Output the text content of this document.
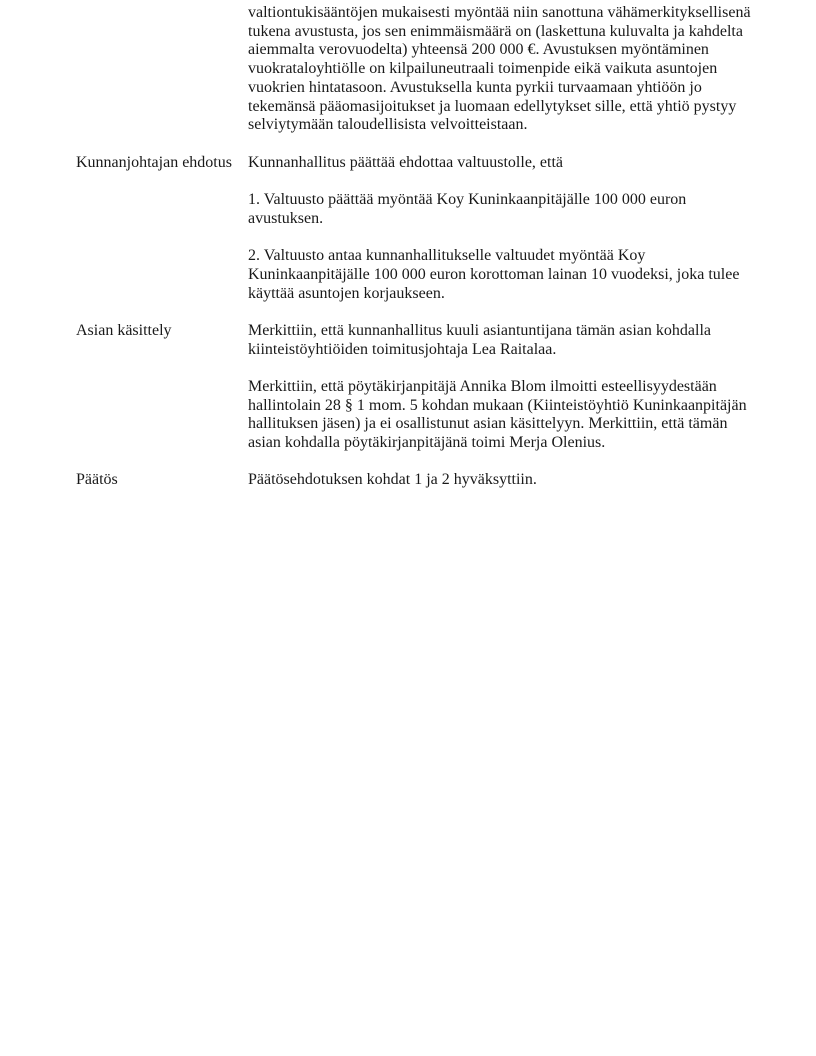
valtiontukisääntöjen mukaisesti myöntää niin sanottuna vähämerkityksellisenä tukena avustusta, jos sen enimmäismäärä on (laskettuna kuluvalta ja kahdelta aiemmalta verovuodelta) yhteensä 200 000 €. Avustuksen myöntäminen vuokrataloyhtiölle on kilpailuneutraali toimenpide eikä vaikuta asuntojen vuokrien hintatasoon. Avustuksella kunta pyrkii turvaamaan yhtiöön jo tekemänsä pääomasijoitukset ja luomaan edellytykset sille, että yhtiö pystyy selviytymään taloudellisista velvoitteistaan.

Kunnanjohtajan ehdotus	Kunnanhallitus päättää ehdottaa valtuustolle, että

1. Valtuusto päättää myöntää Koy Kuninkaanpitäjälle 100 000 euron avustuksen.

2. Valtuusto antaa kunnanhallitukselle valtuudet myöntää Koy Kuninkaanpitäjälle 100 000 euron korottoman lainan 10 vuodeksi, joka tulee käyttää asuntojen korjaukseen.

Asian käsittely	Merkittiin, että kunnanhallitus kuuli asiantuntijana tämän asian kohdalla kiinteistöyhtiöiden toimitusjohtaja Lea Raitalaa.

Merkittiin, että pöytäkirjanpitäjä Annika Blom ilmoitti esteellisyydestään hallintolain 28 § 1 mom. 5 kohdan mukaan (Kiinteistöyhtiö Kuninkaanpitäjän hallituksen jäsen) ja ei osallistunut asian käsittelyyn. Merkittiin, että tämän asian kohdalla pöytäkirjanpitäjänä toimi Merja Olenius.

Päätös	Päätösehdotuksen kohdat 1 ja 2 hyväksyttiin.
